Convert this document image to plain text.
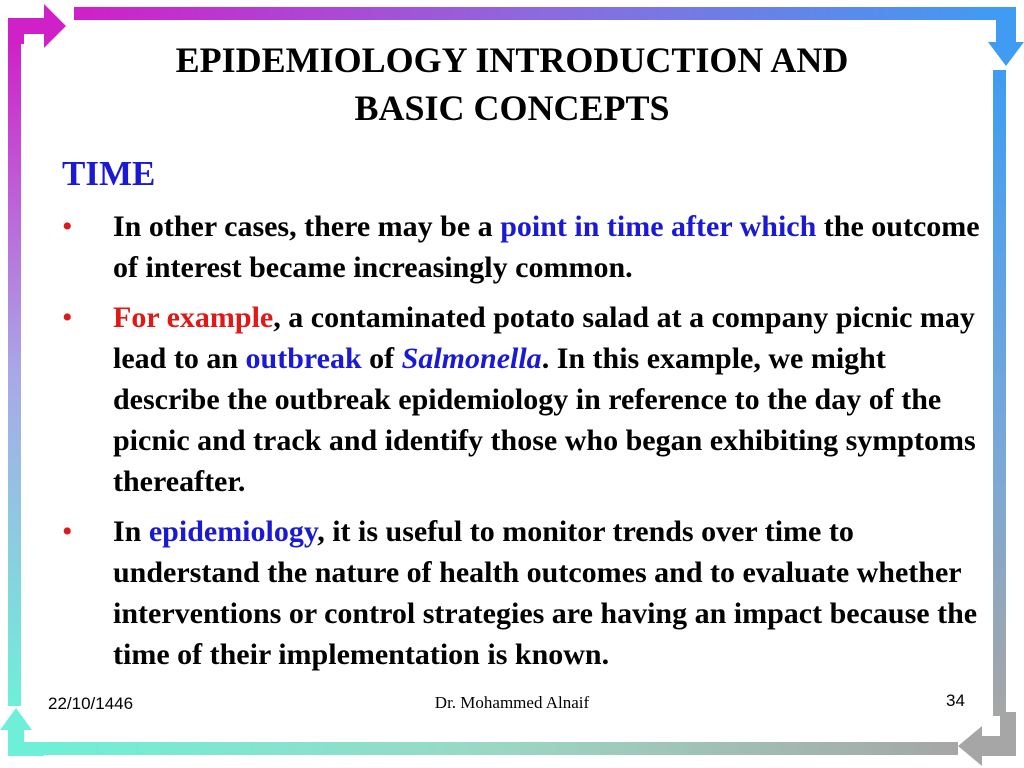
EPIDEMIOLOGY INTRODUCTION AND
BASIC CONCEPTS
TIME
• In other cases, there may be a point in time after which the outcome of interest became increasingly common.
• For example, a contaminated potato salad at a company picnic may lead to an outbreak of Salmonella. In this example, we might describe the outbreak epidemiology in reference to the day of the picnic and track and identify those who began exhibiting symptoms thereafter.
• In epidemiology, it is useful to monitor trends over time to understand the nature of health outcomes and to evaluate whether interventions or control strategies are having an impact because the time of their implementation is known.
22/10/1446	Dr. Mohammed Alnaif	34
